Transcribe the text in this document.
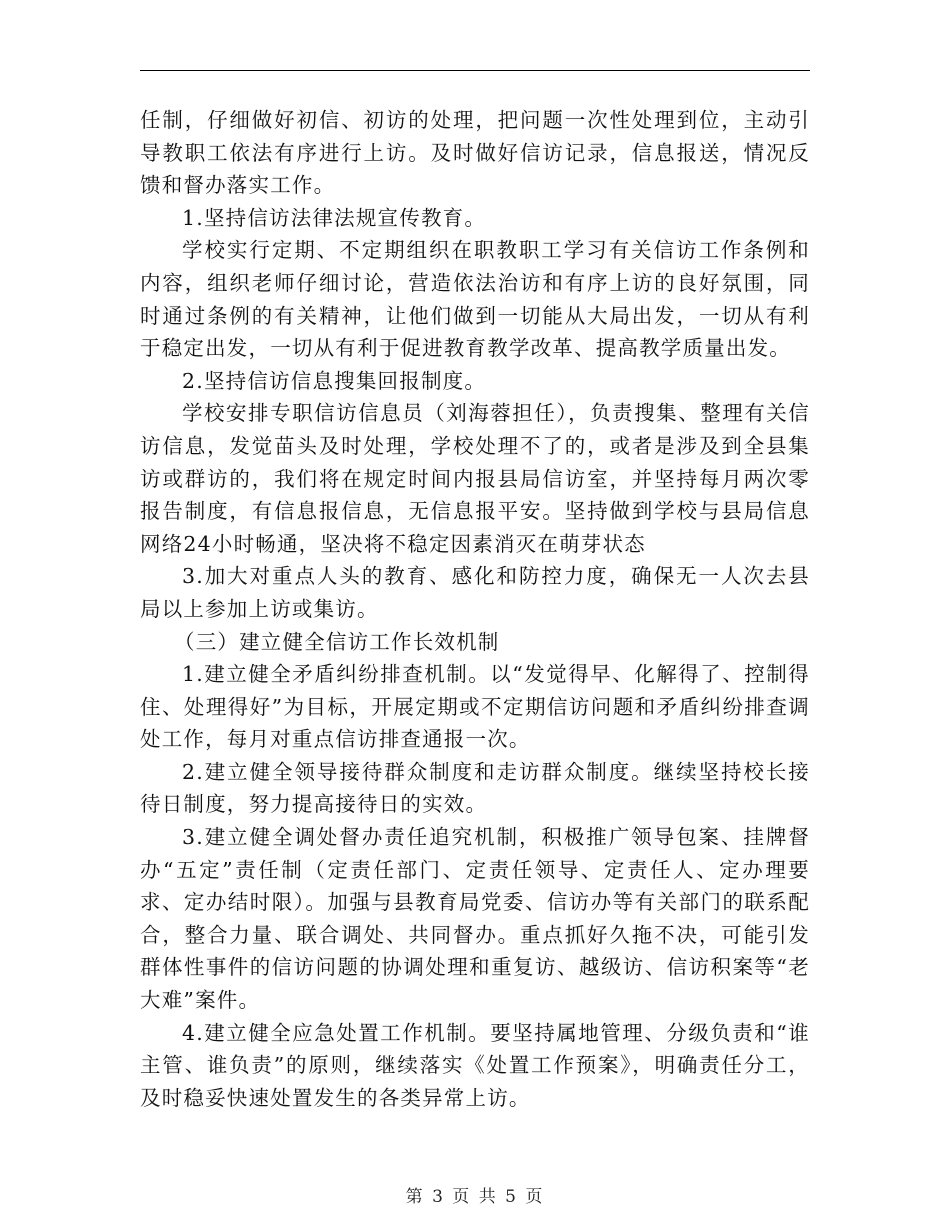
任制，仔细做好初信、初访的处理，把问题一次性处理到位，主动引导教职工依法有序进行上访。及时做好信访记录，信息报送，情况反馈和督办落实工作。

1.坚持信访法律法规宣传教育。

学校实行定期、不定期组织在职教职工学习有关信访工作条例和内容，组织老师仔细讨论，营造依法治访和有序上访的良好氛围，同时通过条例的有关精神，让他们做到一切能从大局出发，一切从有利于稳定出发，一切从有利于促进教育教学改革、提高教学质量出发。

2.坚持信访信息搜集回报制度。

学校安排专职信访信息员（刘海蓉担任），负责搜集、整理有关信访信息，发觉苗头及时处理，学校处理不了的，或者是涉及到全县集访或群访的，我们将在规定时间内报县局信访室，并坚持每月两次零报告制度，有信息报信息，无信息报平安。坚持做到学校与县局信息网络24小时畅通，坚决将不稳定因素消灭在萌芽状态

3.加大对重点人头的教育、感化和防控力度，确保无一人次去县局以上参加上访或集访。

（三）建立健全信访工作长效机制

1.建立健全矛盾纠纷排查机制。以“发觉得早、化解得了、控制得住、处理得好”为目标，开展定期或不定期信访问题和矛盾纠纷排查调处工作，每月对重点信访排查通报一次。

2.建立健全领导接待群众制度和走访群众制度。继续坚持校长接待日制度，努力提高接待日的实效。

3.建立健全调处督办责任追究机制，积极推广领导包案、挂牌督办“五定”责任制（定责任部门、定责任领导、定责任人、定办理要求、定办结时限）。加强与县教育局党委、信访办等有关部门的联系配合，整合力量、联合调处、共同督办。重点抓好久拖不决，可能引发群体性事件的信访问题的协调处理和重复访、越级访、信访积案等“老大难”案件。

4.建立健全应急处置工作机制。要坚持属地管理、分级负责和“谁主管、谁负责”的原则，继续落实《处置工作预案》，明确责任分工，及时稳妥快速处置发生的各类异常上访。

第 3 页 共 5 页
